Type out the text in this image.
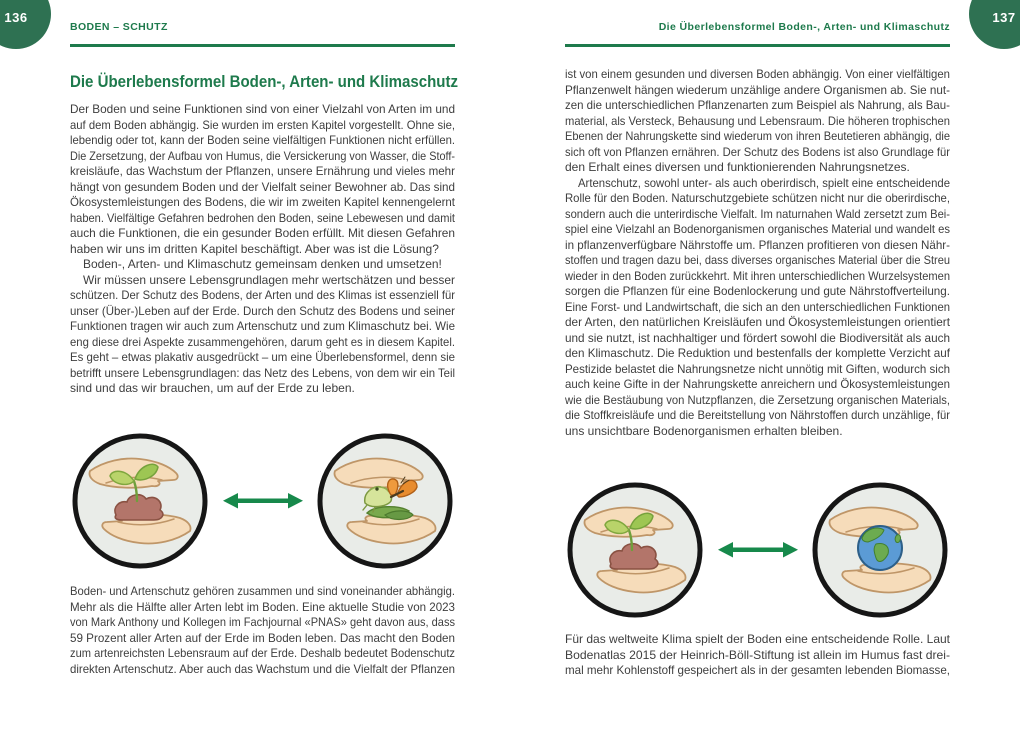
136
BODEN – SCHUTZ
Die Überlebensformel Boden-, Arten- und Klimaschutz
Der Boden und seine Funktionen sind von einer Vielzahl von Arten im und
auf dem Boden abhängig. Sie wurden im ersten Kapitel vorgestellt. Ohne sie,
lebendig oder tot, kann der Boden seine vielfältigen Funktionen nicht erfüllen.
Die Zersetzung, der Aufbau von Humus, die Versickerung von Wasser, die Stoff-
kreisläufe, das Wachstum der Pflanzen, unsere Ernährung und vieles mehr
hängt von gesundem Boden und der Vielfalt seiner Bewohner ab. Das sind
Ökosystemleistungen des Bodens, die wir im zweiten Kapitel kennengelernt
haben. Vielfältige Gefahren bedrohen den Boden, seine Lebewesen und damit
auch die Funktionen, die ein gesunder Boden erfüllt. Mit diesen Gefahren
haben wir uns im dritten Kapitel beschäftigt. Aber was ist die Lösung?
Boden-, Arten- und Klimaschutz gemeinsam denken und umsetzen!
Wir müssen unsere Lebensgrundlagen mehr wertschätzen und besser
schützen. Der Schutz des Bodens, der Arten und des Klimas ist essenziell für
unser (Über-)Leben auf der Erde. Durch den Schutz des Bodens und seiner
Funktionen tragen wir auch zum Artenschutz und zum Klimaschutz bei. Wie
eng diese drei Aspekte zusammengehören, darum geht es in diesem Kapitel.
Es geht – etwas plakativ ausgedrückt – um eine Überlebensformel, denn sie
betrifft unsere Lebensgrundlagen: das Netz des Lebens, von dem wir ein Teil
sind und das wir brauchen, um auf der Erde zu leben.
Boden- und Artenschutz gehören zusammen und sind voneinander abhängig.
Mehr als die Hälfte aller Arten lebt im Boden. Eine aktuelle Studie von 2023
von Mark Anthony und Kollegen im Fachjournal «PNAS» geht davon aus, dass
59 Prozent aller Arten auf der Erde im Boden leben. Das macht den Boden
zum artenreichsten Lebensraum auf der Erde. Deshalb bedeutet Bodenschutz
direkten Artenschutz. Aber auch das Wachstum und die Vielfalt der Pflanzen
137
Die Überlebensformel Boden-, Arten- und Klimaschutz
ist von einem gesunden und diversen Boden abhängig. Von einer vielfältigen
Pflanzenwelt hängen wiederum unzählige andere Organismen ab. Sie nut-
zen die unterschiedlichen Pflanzenarten zum Beispiel als Nahrung, als Bau-
material, als Versteck, Behausung und Lebensraum. Die höheren trophischen
Ebenen der Nahrungskette sind wiederum von ihren Beutetieren abhängig, die
sich oft von Pflanzen ernähren. Der Schutz des Bodens ist also Grundlage für
den Erhalt eines diversen und funktionierenden Nahrungsnetzes.
Artenschutz, sowohl unter- als auch oberirdisch, spielt eine entscheidende
Rolle für den Boden. Naturschutzgebiete schützen nicht nur die oberirdische,
sondern auch die unterirdische Vielfalt. Im naturnahen Wald zersetzt zum Bei-
spiel eine Vielzahl an Bodenorganismen organisches Material und wandelt es
in pflanzenverfügbare Nährstoffe um. Pflanzen profitieren von diesen Nähr-
stoffen und tragen dazu bei, dass diverses organisches Material über die Streu
wieder in den Boden zurückkehrt. Mit ihren unterschiedlichen Wurzelsystemen
sorgen die Pflanzen für eine Bodenlockerung und gute Nährstoffverteilung.
Eine Forst- und Landwirtschaft, die sich an den unterschiedlichen Funktionen
der Arten, den natürlichen Kreisläufen und Ökosystemleistungen orientiert
und sie nutzt, ist nachhaltiger und fördert sowohl die Biodiversität als auch
den Klimaschutz. Die Reduktion und bestenfalls der komplette Verzicht auf
Pestizide belastet die Nahrungsnetze nicht unnötig mit Giften, wodurch sich
auch keine Gifte in der Nahrungskette anreichern und Ökosystemleistungen
wie die Bestäubung von Nutzpflanzen, die Zersetzung organischen Materials,
die Stoffkreisläufe und die Bereitstellung von Nährstoffen durch unzählige, für
uns unsichtbare Bodenorganismen erhalten bleiben.
Für das weltweite Klima spielt der Boden eine entscheidende Rolle. Laut
Bodenatlas 2015 der Heinrich-Böll-Stiftung ist allein im Humus fast drei-
mal mehr Kohlenstoff gespeichert als in der gesamten lebenden Biomasse,
